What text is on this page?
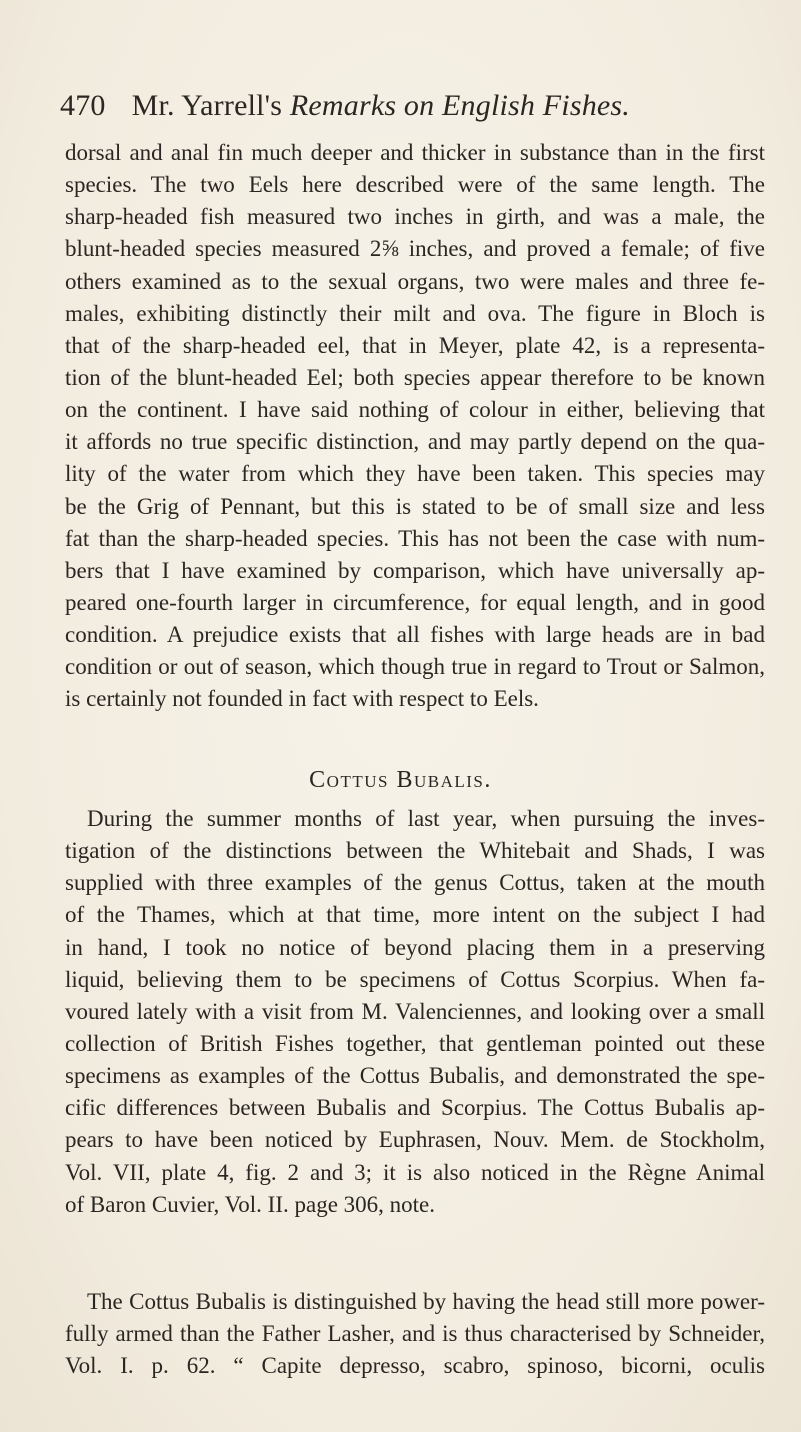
470 Mr. Yarrell's Remarks on English Fishes.
dorsal and anal fin much deeper and thicker in substance than in the first
species. The two Eels here described were of the same length. The
sharp-headed fish measured two inches in girth, and was a male, the
blunt-headed species measured 2⅝ inches, and proved a female; of five
others examined as to the sexual organs, two were males and three fe-
males, exhibiting distinctly their milt and ova. The figure in Bloch is
that of the sharp-headed eel, that in Meyer, plate 42, is a representa-
tion of the blunt-headed Eel; both species appear therefore to be known
on the continent. I have said nothing of colour in either, believing that
it affords no true specific distinction, and may partly depend on the qua-
lity of the water from which they have been taken. This species may
be the Grig of Pennant, but this is stated to be of small size and less
fat than the sharp-headed species. This has not been the case with num-
bers that I have examined by comparison, which have universally ap-
peared one-fourth larger in circumference, for equal length, and in good
condition. A prejudice exists that all fishes with large heads are in bad
condition or out of season, which though true in regard to Trout or Salmon,
is certainly not founded in fact with respect to Eels.
Cottus Bubalis.
During the summer months of last year, when pursuing the inves-
tigation of the distinctions between the Whitebait and Shads, I was
supplied with three examples of the genus Cottus, taken at the mouth
of the Thames, which at that time, more intent on the subject I had
in hand, I took no notice of beyond placing them in a preserving
liquid, believing them to be specimens of Cottus Scorpius. When fa-
voured lately with a visit from M. Valenciennes, and looking over a small
collection of British Fishes together, that gentleman pointed out these
specimens as examples of the Cottus Bubalis, and demonstrated the spe-
cific differences between Bubalis and Scorpius. The Cottus Bubalis ap-
pears to have been noticed by Euphrasen, Nouv. Mem. de Stockholm,
Vol. VII, plate 4, fig. 2 and 3; it is also noticed in the Règne Animal
of Baron Cuvier, Vol. II. page 306, note.
The Cottus Bubalis is distinguished by having the head still more power-
fully armed than the Father Lasher, and is thus characterised by Schneider,
Vol. I. p. 62. “ Capite depresso, scabro, spinoso, bicorni, oculis
